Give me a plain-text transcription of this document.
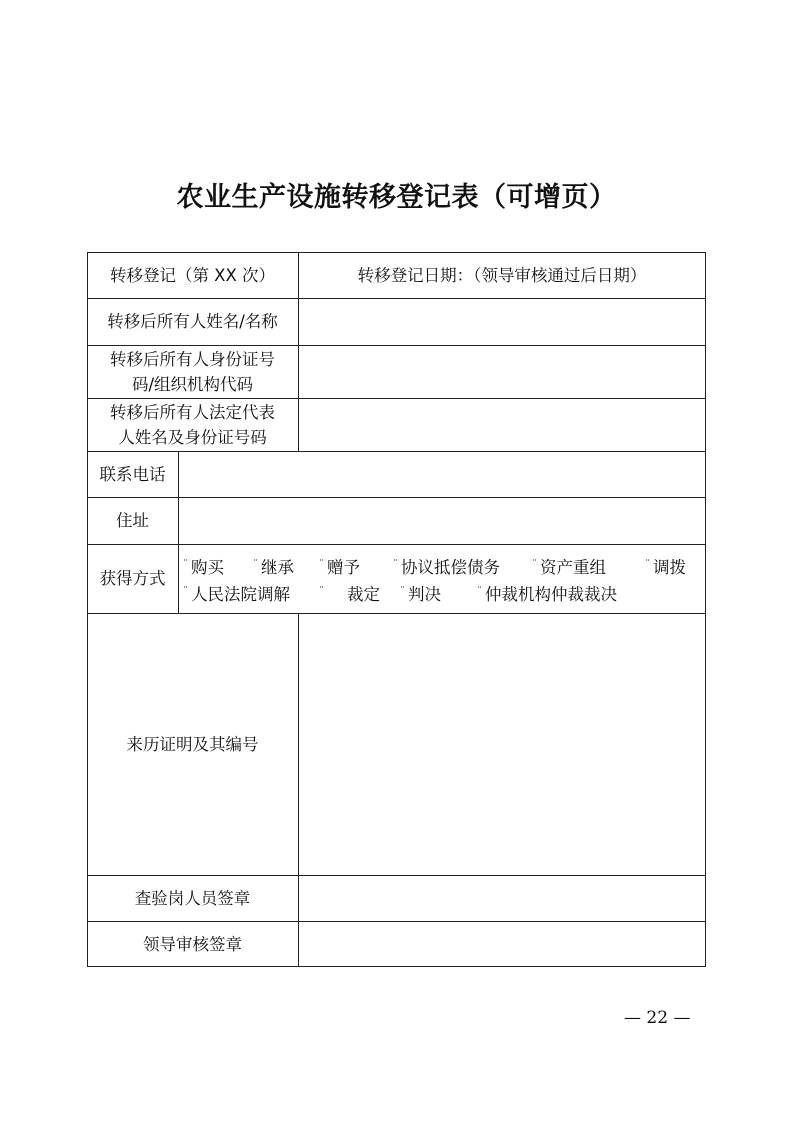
农业生产设施转移登记表（可增页）
转移登记（第 XX 次）	转移登记日期：（领导审核通过后日期）
转移后所有人姓名/名称
转移后所有人身份证号
码/组织机构代码
转移后所有人法定代表
人姓名及身份证号码
联系电话
住址
获得方式
¨ 购买	¨ 继承	¨ 赠予	¨ 协议抵偿债务	¨ 资产重组	¨ 调拨
¨ 人民法院调解	¨ 裁定 ¨ 判决	¨ 仲裁机构仲裁裁决
来历证明及其编号
查验岗人员签章
领导审核签章
— 22 —
